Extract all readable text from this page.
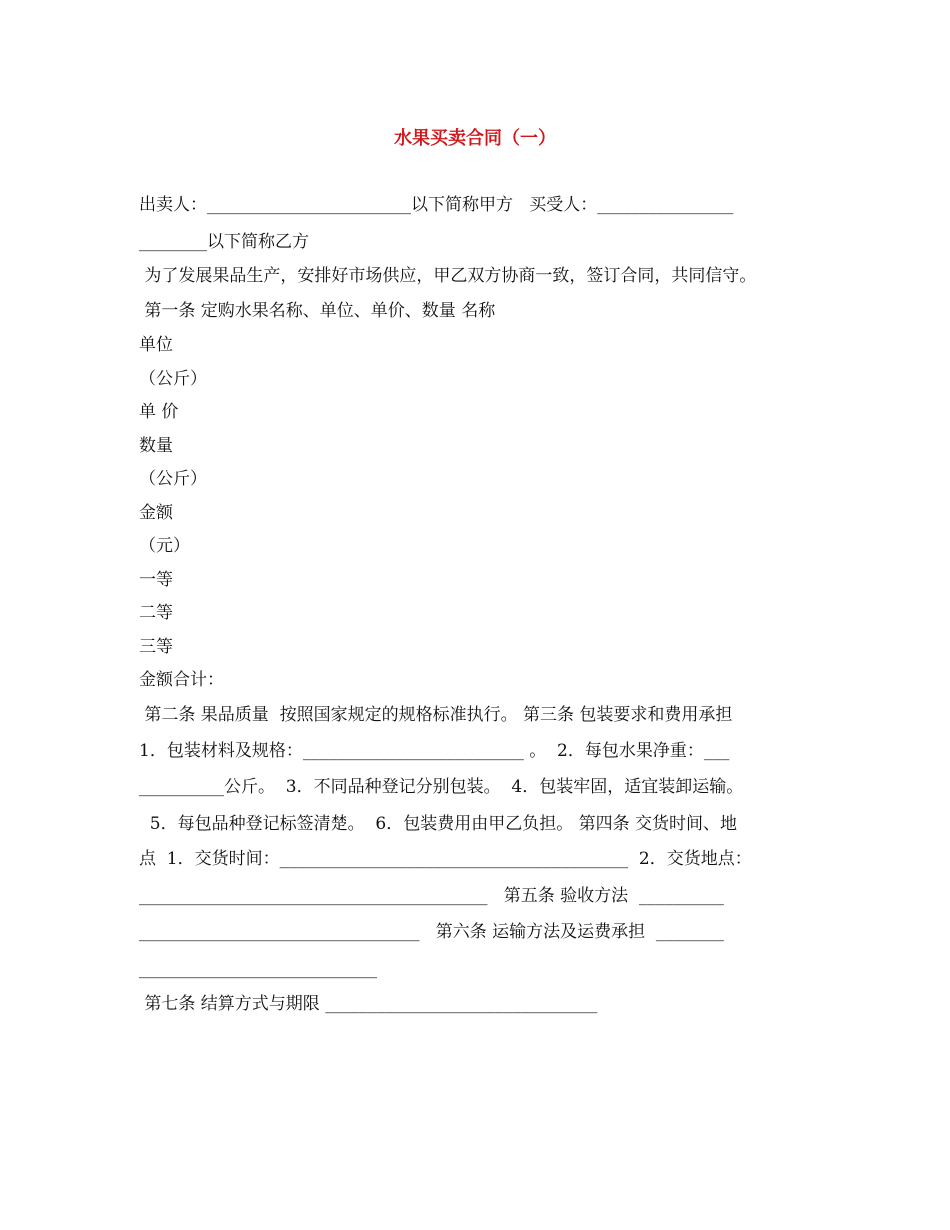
水果买卖合同（一）
出卖人：________________________以下简称甲方   买受人：________________
________以下简称乙方
为了发展果品生产，安排好市场供应，甲乙双方协商一致，签订合同，共同信守。
第一条 定购水果名称、单位、单价、数量 名称
单位
（公斤）
单 价
数量
（公斤）
金额
（元）
一等
二等
三等
金额合计：
第二条 果品质量  按照国家规定的规格标准执行。 第三条 包装要求和费用承担
1．包装材料及规格：__________________________ 。  2．每包水果净重：___
__________公斤。  3．不同品种登记分别包装。  4．包装牢固，适宜装卸运输。
5．每包品种登记标签清楚。  6．包装费用由甲乙负担。 第四条 交货时间、地
点  1．交货时间：_________________________________________  2．交货地点：
_________________________________________   第五条 验收方法  __________
_________________________________   第六条 运输方法及运费承担  ________
____________________________
第七条 结算方式与期限 ________________________________
